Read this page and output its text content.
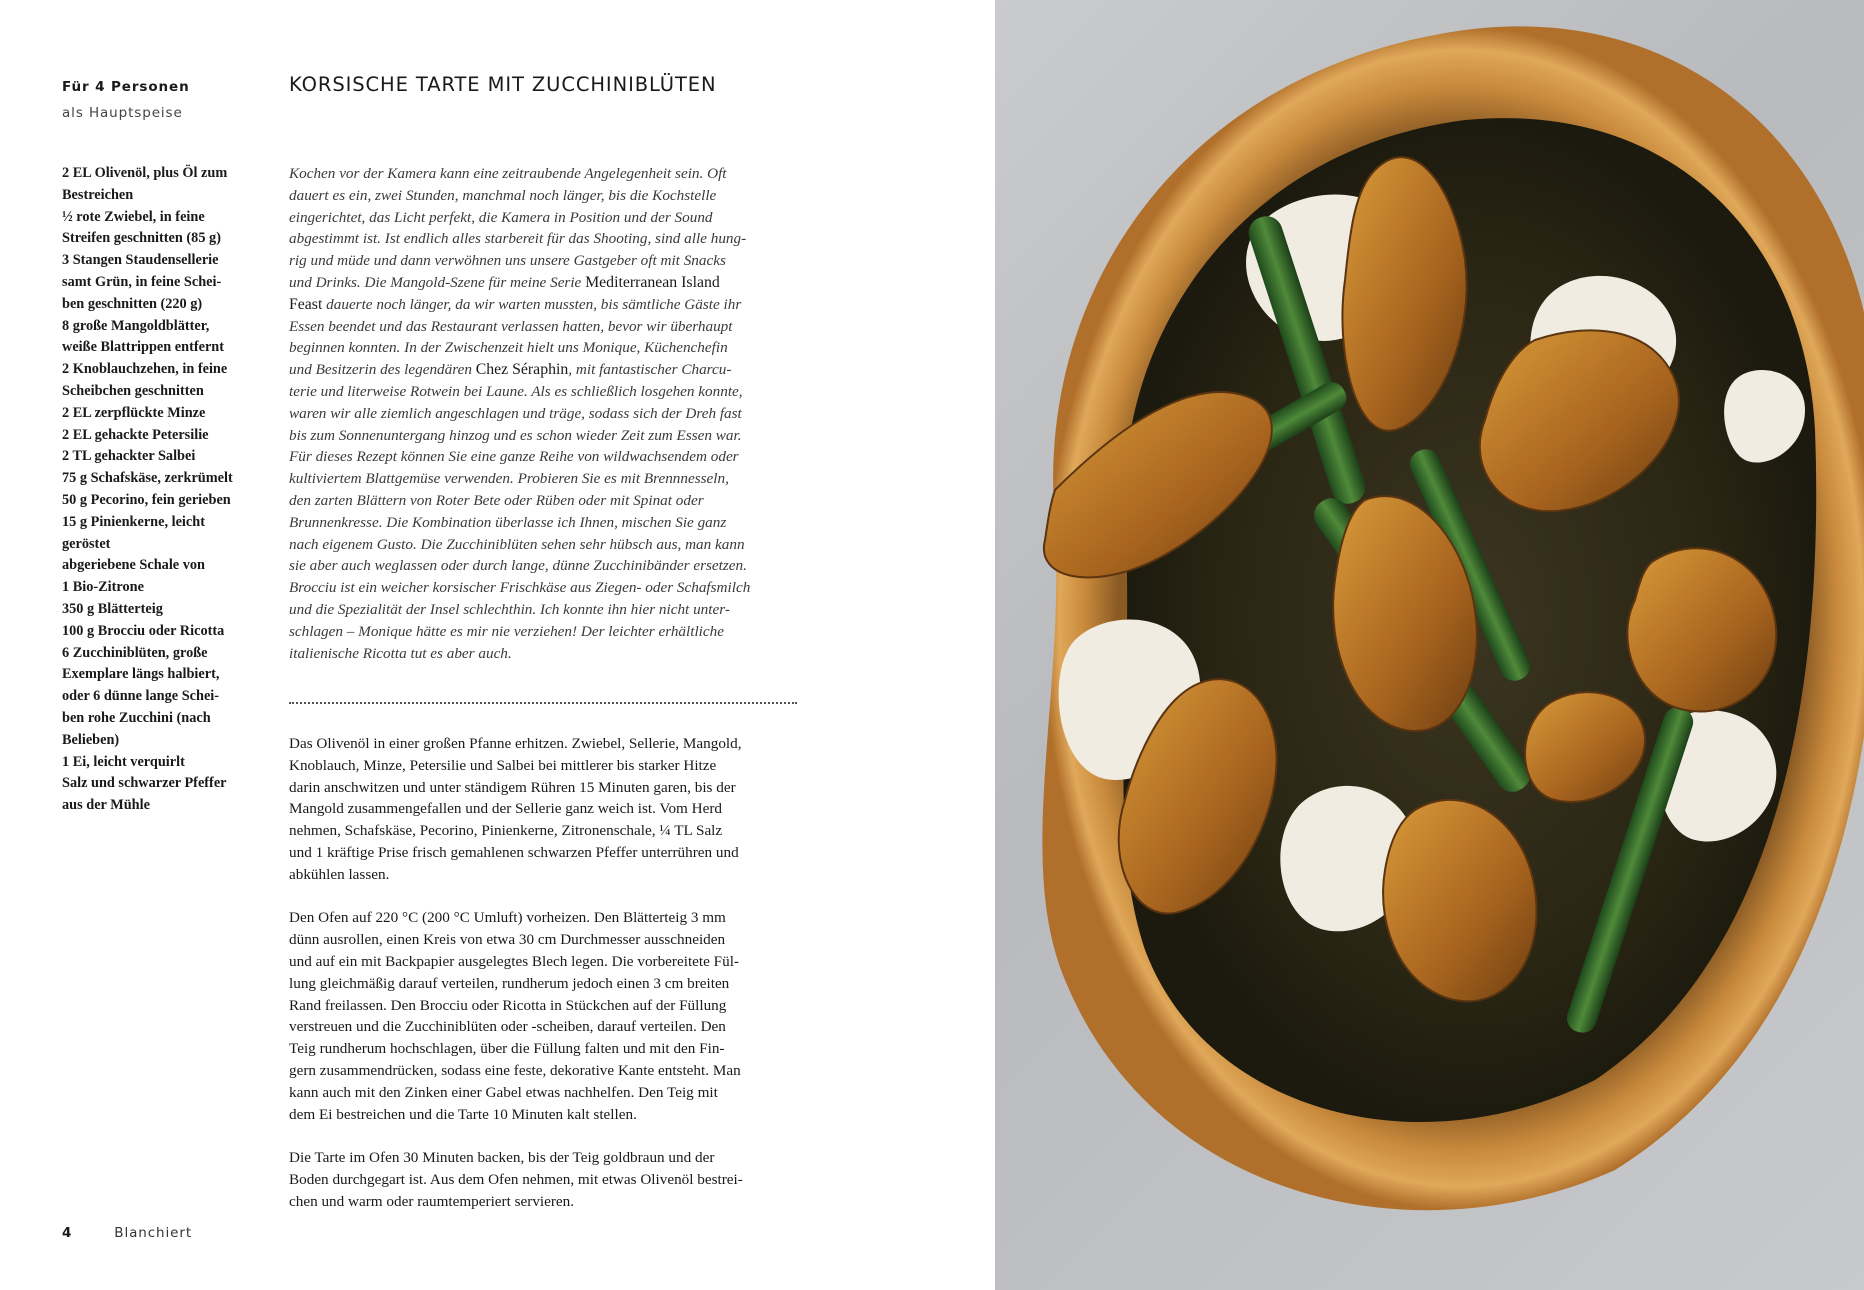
Für 4 Personen
als Hauptspeise
KORSISCHE TARTE MIT ZUCCHINIBLÜTEN
2 EL Olivenöl, plus Öl zum
Bestreichen
½ rote Zwiebel, in feine
Streifen geschnitten (85 g)
3 Stangen Staudensellerie
samt Grün, in feine Schei-
ben geschnitten (220 g)
8 große Mangoldblätter,
weiße Blattrippen entfernt
2 Knoblauchzehen, in feine
Scheibchen geschnitten
2 EL zerpflückte Minze
2 EL gehackte Petersilie
2 TL gehackter Salbei
75 g Schafskäse, zerkrümelt
50 g Pecorino, fein gerieben
15 g Pinienkerne, leicht
geröstet
abgeriebene Schale von
1 Bio-Zitrone
350 g Blätterteig
100 g Brocciu oder Ricotta
6 Zucchiniblüten, große
Exemplare längs halbiert,
oder 6 dünne lange Schei-
ben rohe Zucchini (nach
Belieben)
1 Ei, leicht verquirlt
Salz und schwarzer Pfeffer
aus der Mühle
Kochen vor der Kamera kann eine zeitraubende Angelegenheit sein. Oft
dauert es ein, zwei Stunden, manchmal noch länger, bis die Kochstelle
eingerichtet, das Licht perfekt, die Kamera in Position und der Sound
abgestimmt ist. Ist endlich alles starbereit für das Shooting, sind alle hung-
rig und müde und dann verwöhnen uns unsere Gastgeber oft mit Snacks
und Drinks. Die Mangold-Szene für meine Serie Mediterranean Island
Feast dauerte noch länger, da wir warten mussten, bis sämtliche Gäste ihr
Essen beendet und das Restaurant verlassen hatten, bevor wir überhaupt
beginnen konnten. In der Zwischenzeit hielt uns Monique, Küchenchefin
und Besitzerin des legendären Chez Séraphin, mit fantastischer Charcu-
terie und literweise Rotwein bei Laune. Als es schließlich losgehen konnte,
waren wir alle ziemlich angeschlagen und träge, sodass sich der Dreh fast
bis zum Sonnenuntergang hinzog und es schon wieder Zeit zum Essen war.
Für dieses Rezept können Sie eine ganze Reihe von wildwachsendem oder
kultiviertem Blattgemüse verwenden. Probieren Sie es mit Brennnesseln,
den zarten Blättern von Roter Bete oder Rüben oder mit Spinat oder
Brunnenkresse. Die Kombination überlasse ich Ihnen, mischen Sie ganz
nach eigenem Gusto. Die Zucchiniblüten sehen sehr hübsch aus, man kann
sie aber auch weglassen oder durch lange, dünne Zucchinibänder ersetzen.
Brocciu ist ein weicher korsischer Frischkäse aus Ziegen- oder Schafsmilch
und die Spezialität der Insel schlechthin. Ich konnte ihn hier nicht unter-
schlagen – Monique hätte es mir nie verziehen! Der leichter erhältliche
italienische Ricotta tut es aber auch.
Das Olivenöl in einer großen Pfanne erhitzen. Zwiebel, Sellerie, Mangold,
Knoblauch, Minze, Petersilie und Salbei bei mittlerer bis starker Hitze
darin anschwitzen und unter ständigem Rühren 15 Minuten garen, bis der
Mangold zusammengefallen und der Sellerie ganz weich ist. Vom Herd
nehmen, Schafskäse, Pecorino, Pinienkerne, Zitronenschale, ¼ TL Salz
und 1 kräftige Prise frisch gemahlenen schwarzen Pfeffer unterrühren und
abkühlen lassen.
Den Ofen auf 220 °C (200 °C Umluft) vorheizen. Den Blätterteig 3 mm
dünn ausrollen, einen Kreis von etwa 30 cm Durchmesser ausschneiden
und auf ein mit Backpapier ausgelegtes Blech legen. Die vorbereitete Fül-
lung gleichmäßig darauf verteilen, rundherum jedoch einen 3 cm breiten
Rand freilassen. Den Brocciu oder Ricotta in Stückchen auf der Füllung
verstreuen und die Zucchiniblüten oder -scheiben, darauf verteilen. Den
Teig rundherum hochschlagen, über die Füllung falten und mit den Fin-
gern zusammendrücken, sodass eine feste, dekorative Kante entsteht. Man
kann auch mit den Zinken einer Gabel etwas nachhelfen. Den Teig mit
dem Ei bestreichen und die Tarte 10 Minuten kalt stellen.
Die Tarte im Ofen 30 Minuten backen, bis der Teig goldbraun und der
Boden durchgegart ist. Aus dem Ofen nehmen, mit etwas Olivenöl bestrei-
chen und warm oder raumtemperiert servieren.
4	Blanchiert
